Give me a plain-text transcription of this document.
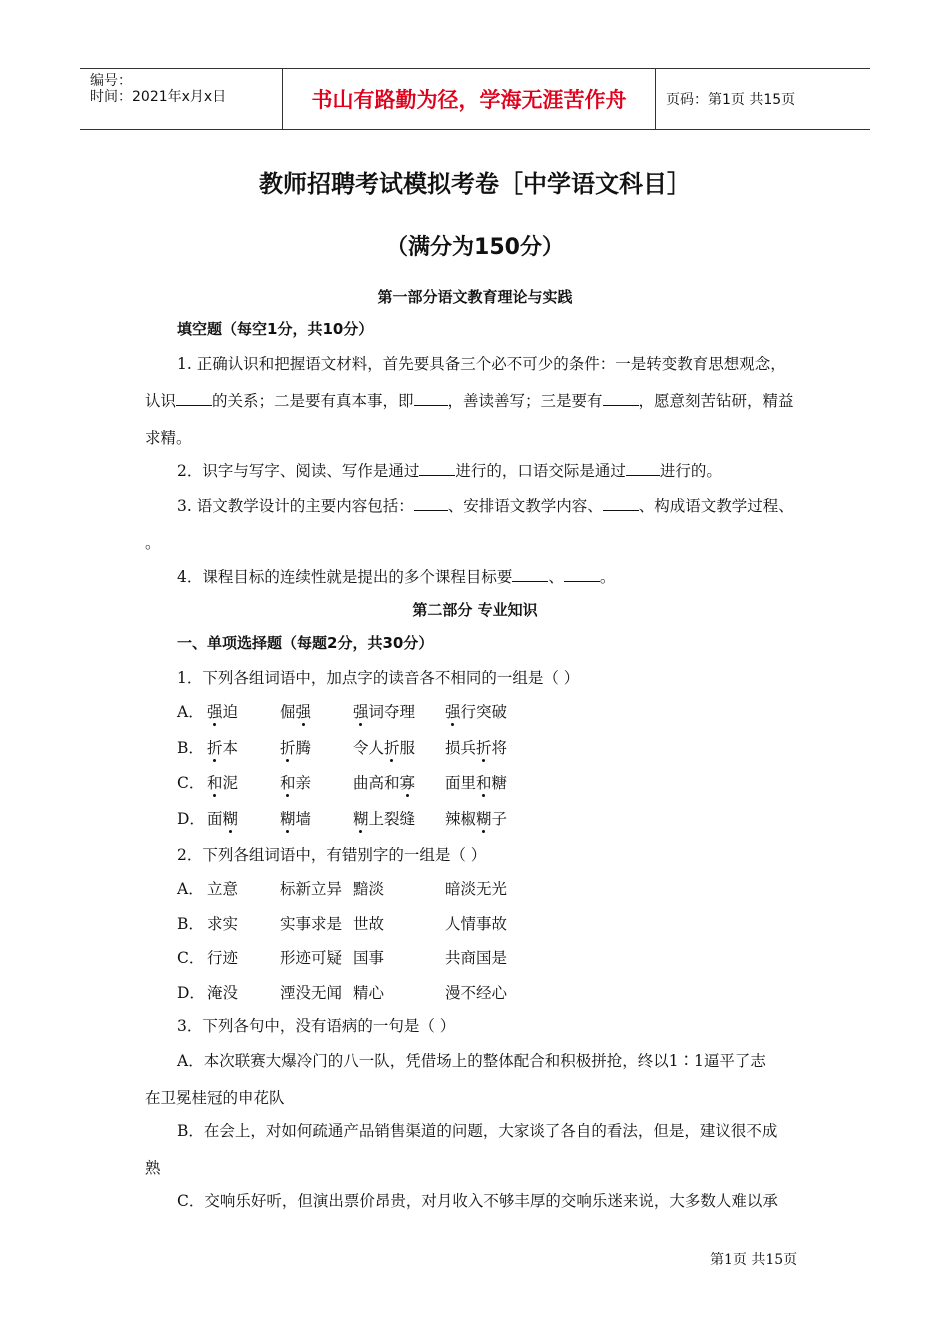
编号：
时间：2021年x月x日	书山有路勤为径，学海无涯苦作舟	页码：第1页 共15页
教师招聘考试模拟考卷［中学语文科目］
（满分为150分）
第一部分语文教育理论与实践
填空题（每空1分，共10分）
1. 正确认识和把握语文材料，首先要具备三个必不可少的条件：一是转变教育思想观念，
认识 的关系；二是要有真本事，即 ，善读善写；三是要有 ，愿意刻苦钻研，精益
求精。
2．识字与写字、阅读、写作是通过 进行的，口语交际是通过 进行的。
3. 语文教学设计的主要内容包括： 、安排语文教学内容、 、构成语文教学过程、
。
4．课程目标的连续性就是提出的多个课程目标要 、 。
第二部分 专业知识
一、单项选择题（每题2分，共30分）
1．下列各组词语中，加点字的读音各不相同的一组是（ ）
A． 强迫	倔强	强词夺理 强行突破
B． 折本	折腾	令人折服 损兵折将
C． 和泥	和亲	曲高和寡 面里和糖
D． 面糊	糊墙	糊上裂缝 辣椒糊子
2．下列各组词语中，有错别字的一组是（ ）
A． 立意	标新立异 黯淡	暗淡无光
B． 求实	实事求是 世故	人情事故
C． 行迹	形迹可疑 国事	共商国是
D． 淹没	湮没无闻 精心	漫不经心
3．下列各句中，没有语病的一句是（ ）
A．本次联赛大爆冷门的八一队，凭借场上的整体配合和积极拼抢，终以1∶1逼平了志
在卫冕桂冠的申花队
B．在会上，对如何疏通产品销售渠道的问题，大家谈了各自的看法，但是，建议很不成
熟
C．交响乐好听，但演出票价昂贵，对月收入不够丰厚的交响乐迷来说，大多数人难以承
第1页 共15页
